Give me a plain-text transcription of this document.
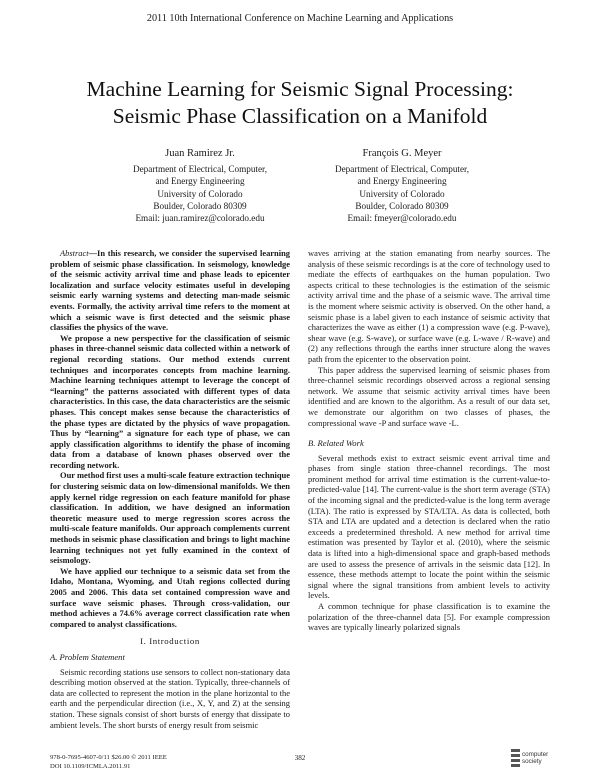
2011 10th International Conference on Machine Learning and Applications
Machine Learning for Seismic Signal Processing:
Seismic Phase Classification on a Manifold
Juan Ramirez Jr.
Department of Electrical, Computer,
and Energy Engineering
University of Colorado
Boulder, Colorado 80309
Email: juan.ramirez@colorado.edu
François G. Meyer
Department of Electrical, Computer,
and Energy Engineering
University of Colorado
Boulder, Colorado 80309
Email: fmeyer@colorado.edu

Abstract—In this research, we consider the supervised learning problem of seismic phase classification. In seismology, knowledge of the seismic activity arrival time and phase leads to epicenter localization and surface velocity estimates useful in developing seismic early warning systems and detecting man-made seismic events. Formally, the activity arrival time refers to the moment at which a seismic wave is first detected and the seismic phase classifies the physics of the wave.

We propose a new perspective for the classification of seismic phases in three-channel seismic data collected within a network of regional recording stations. Our method extends current techniques and incorporates concepts from machine learning. Machine learning techniques attempt to leverage the concept of “learning” the patterns associated with different types of data characteristics. In this case, the data characteristics are the seismic phases. This concept makes sense because the characteristics of the phase types are dictated by the physics of wave propagation. Thus by “learning” a signature for each type of phase, we can apply classification algorithms to identify the phase of incoming data from a database of known phases observed over the recording network.

Our method first uses a multi-scale feature extraction technique for clustering seismic data on low-dimensional manifolds. We then apply kernel ridge regression on each feature manifold for phase classification. In addition, we have designed an information theoretic measure used to merge regression scores across the multi-scale feature manifolds. Our approach complements current methods in seismic phase classification and brings to light machine learning techniques not yet fully examined in the context of seismology.

We have applied our technique to a seismic data set from the Idaho, Montana, Wyoming, and Utah regions collected during 2005 and 2006. This data set contained compression wave and surface wave seismic phases. Through cross-validation, our method achieves a 74.6% average correct classification rate when compared to analyst classifications.

I. Introduction
A. Problem Statement

Seismic recording stations use sensors to collect non-stationary data describing motion observed at the station. Typically, three-channels of data are collected to represent the motion in the plane horizontal to the earth and the perpendicular direction (i.e., X, Y, and Z) at the sensing station. These signals consist of short bursts of energy that dissipate to ambient levels. The short bursts of energy result from seismic

waves arriving at the station emanating from nearby sources. The analysis of these seismic recordings is at the core of technology used to mediate the effects of earthquakes on the human population. Two aspects critical to these technologies is the estimation of the seismic activity arrival time and the phase of a seismic wave. The arrival time is the moment where seismic activity is observed. On the other hand, a seismic phase is a label given to each instance of seismic activity that characterizes the wave as either (1) a compression wave (e.g. P-wave), shear wave (e.g. S-wave), or surface wave (e.g. L-wave / R-wave) and (2) any reflections through the earths inner structure along the waves path from the epicenter to the observation point.

This paper address the supervised learning of seismic phases from three-channel seismic recordings observed across a regional sensing network. We assume that seismic activity arrival times have been identified and are known to the algorithm. As a result of our data set, we demonstrate our algorithm on two classes of phases, the compressional wave -P and surface wave -L.

B. Related Work

Several methods exist to extract seismic event arrival time and phases from single station three-channel recordings. The most prominent method for arrival time estimation is the current-value-to-predicted-value [14]. The current-value is the short term average (STA) of the incoming signal and the predicted-value is the long term average (LTA). The ratio is expressed by STA/LTA. As data is collected, both STA and LTA are updated and a detection is declared when the ratio exceeds a predetermined threshold. A new method for arrival time estimation was presented by Taylor et al. (2010), where the seismic data is lifted into a high-dimensional space and graph-based methods are used to assess the presence of arrivals in the seismic data [12]. In essence, these methods attempt to locate the point within the seismic signal where the signal transitions from ambient levels to activity levels.

A common technique for phase classification is to examine the polarization of the three-channel data [5]. For example compression waves are typically linearly polarized signals

978-0-7695-4607-0/11 $26.00 © 2011 IEEE
DOI 10.1109/ICMLA.2011.91
382	computer
society
